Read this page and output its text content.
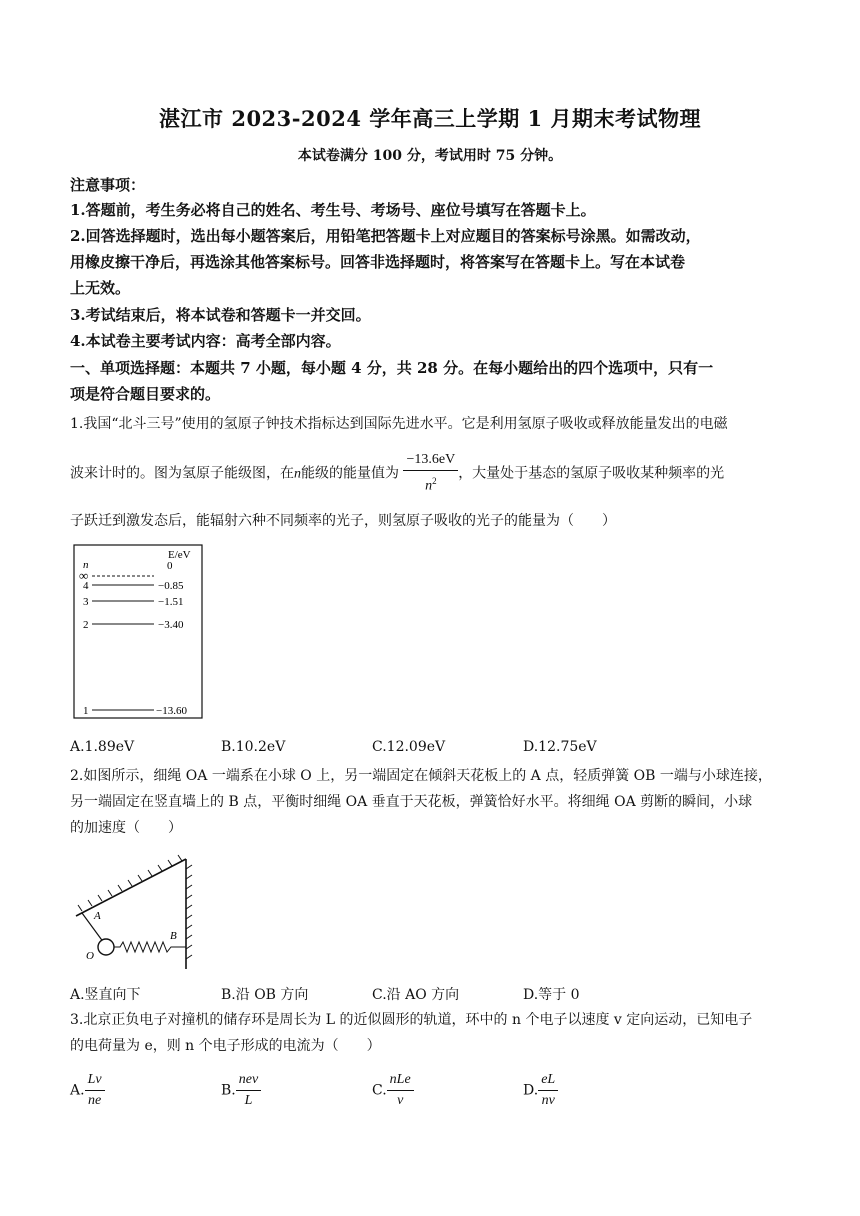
湛江市 2023-2024 学年高三上学期 1 月期末考试物理
本试卷满分 100 分，考试用时 75 分钟。
注意事项：
1.答题前，考生务必将自己的姓名、考生号、考场号、座位号填写在答题卡上。
2.回答选择题时，选出每小题答案后，用铅笔把答题卡上对应题目的答案标号涂黑。如需改动，
用橡皮擦干净后，再选涂其他答案标号。回答非选择题时，将答案写在答题卡上。写在本试卷
上无效。
3.考试结束后，将本试卷和答题卡一并交回。
4.本试卷主要考试内容：高考全部内容。
一、单项选择题：本题共 7 小题，每小题 4 分，共 28 分。在每小题给出的四个选项中，只有一
项是符合题目要求的。
1.我国“北斗三号”使用的氢原子钟技术指标达到国际先进水平。它是利用氢原子吸收或释放能量发出的电磁
波来计时的。图为氢原子能级图，在n能级的能量值为 $\frac{-13.6eV}{n^2}$ ，大量处于基态的氢原子吸收某种频率的光
子跃迁到激发态后，能辐射六种不同频率的光子，则氢原子吸收的光子的能量为（　　）
n
E/eV
0
∞
4	−0.85
3	−1.51
2	−3.40
1	−13.60
A.1.89eV	B.10.2eV	C.12.09eV	D.12.75eV
2.如图所示，细绳 OA 一端系在小球 O 上，另一端固定在倾斜天花板上的 A 点，轻质弹簧 OB 一端与小球连接，
另一端固定在竖直墙上的 B 点，平衡时细绳 OA 垂直于天花板，弹簧恰好水平。将细绳 OA 剪断的瞬间，小球
的加速度（　　）
A
B
O
A.竖直向下	B.沿 OB 方向	C.沿 AO 方向	D.等于 0
3.北京正负电子对撞机的储存环是周长为 L 的近似圆形的轨道，环中的 n 个电子以速度 v 定向运动，已知电子
的电荷量为 e，则 n 个电子形成的电流为（　　）
A. $\frac{Lv}{ne}$	B. $\frac{\text{nev}}{L}$	C. $\frac{\text{nLe}}{v}$	D. $\frac{eL}{nv}$
